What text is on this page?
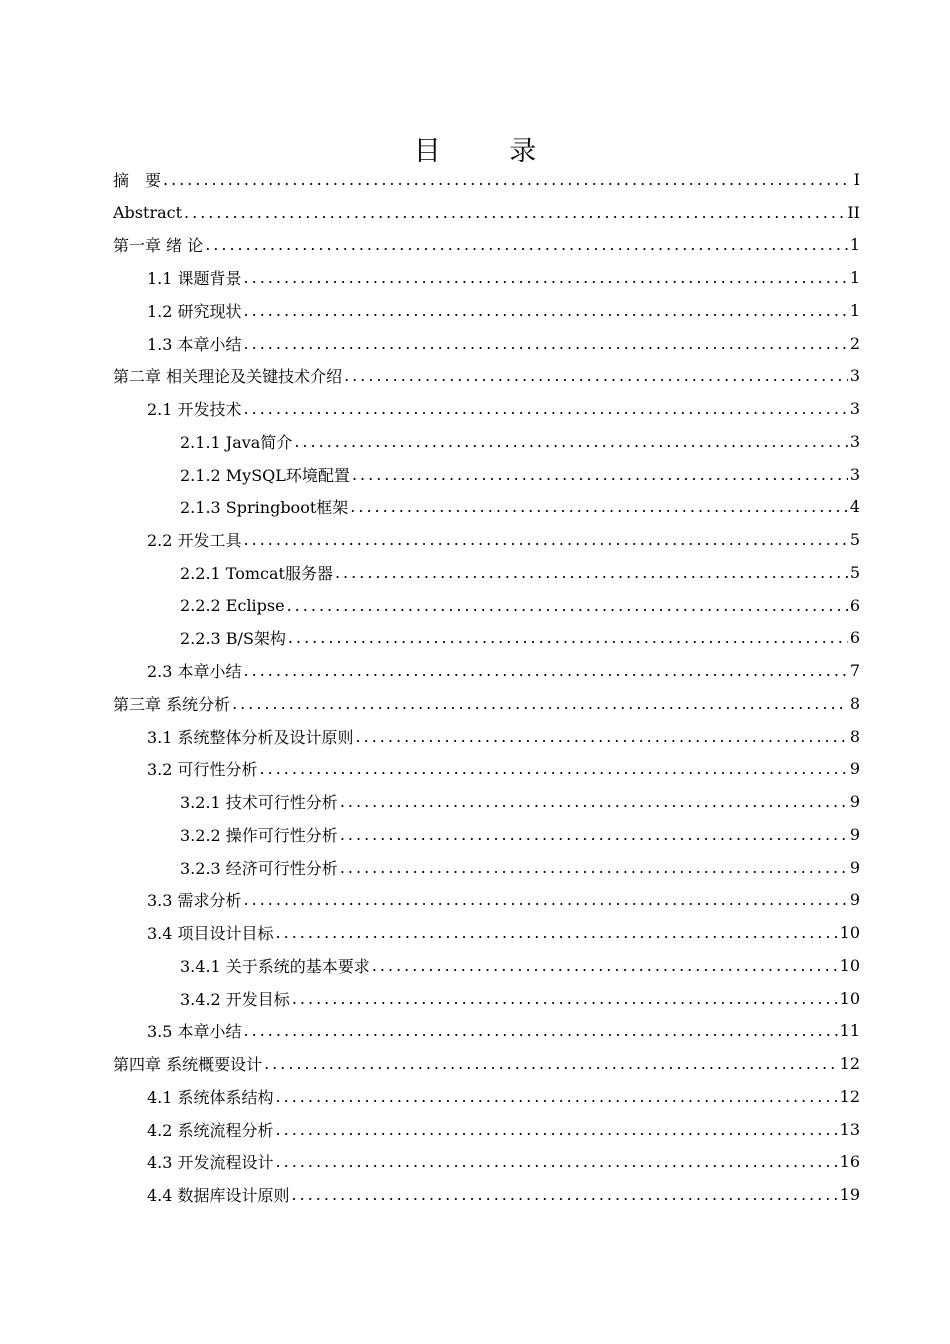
目 录
摘　要 .....	I
Abstract .....	II
第一章 绪 论 .....	1
1.1 课题背景 .....	1
1.2 研究现状 .....	1
1.3 本章小结 .....	2
第二章 相关理论及关键技术介绍 .....	3
2.1 开发技术 .....	3
2.1.1 Java简介 .....	3
2.1.2 MySQL环境配置 .....	3
2.1.3 Springboot框架 .....	4
2.2 开发工具 .....	5
2.2.1 Tomcat服务器 .....	5
2.2.2 Eclipse .....	6
2.2.3 B/S架构 .....	6
2.3 本章小结 .....	7
第三章 系统分析 .....	8
3.1 系统整体分析及设计原则 .....	8
3.2 可行性分析 .....	9
3.2.1 技术可行性分析 .....	9
3.2.2 操作可行性分析 .....	9
3.2.3 经济可行性分析 .....	9
3.3 需求分析 .....	9
3.4 项目设计目标 .....	10
3.4.1 关于系统的基本要求 .....	10
3.4.2 开发目标 .....	10
3.5 本章小结 .....	11
第四章 系统概要设计 .....	12
4.1 系统体系结构 .....	12
4.2 系统流程分析 .....	13
4.3 开发流程设计 .....	16
4.4 数据库设计原则 .....	19
